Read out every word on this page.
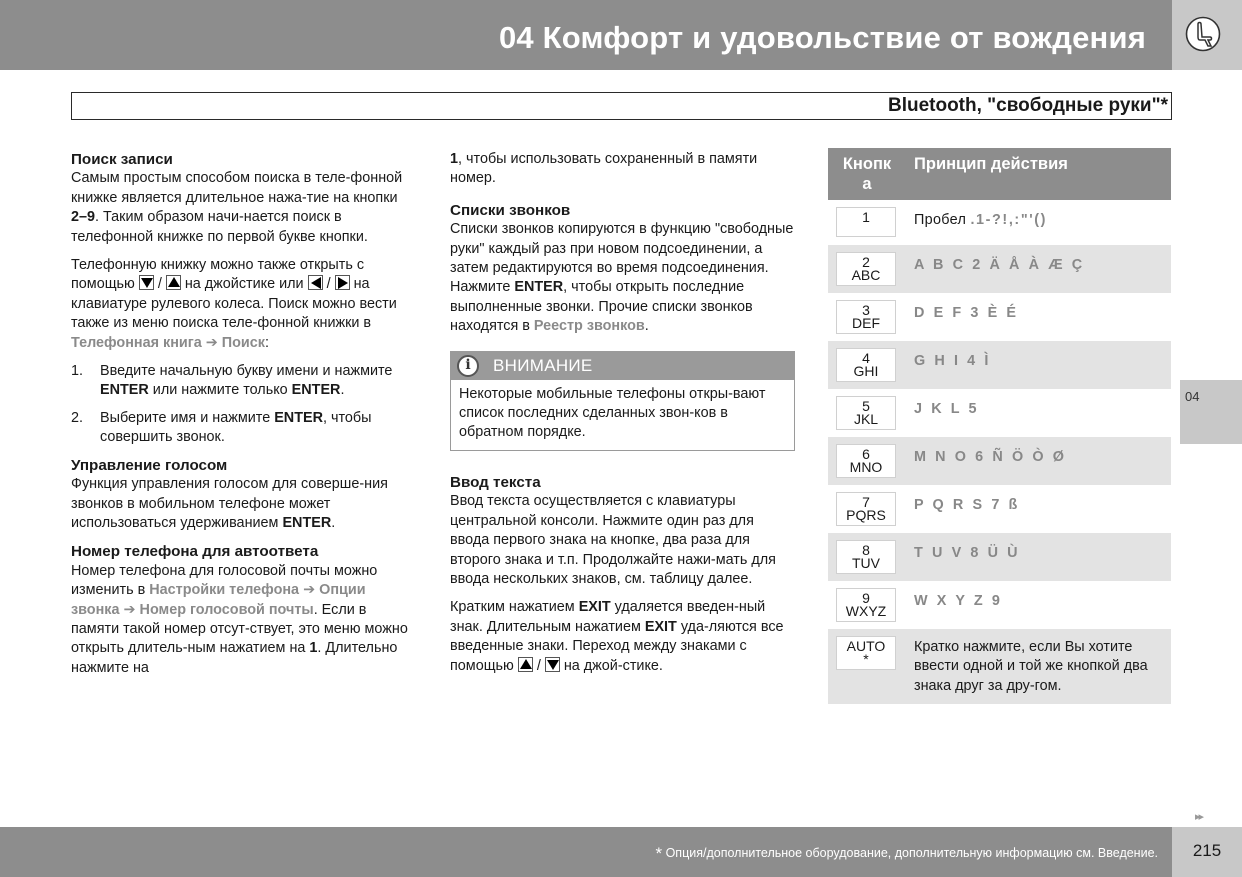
04 Комфорт и удовольствие от вождения
Bluetooth, "свободные руки"*
04
Поиск записи
Самым простым способом поиска в теле-фонной книжке является длительное нажа-тие на кнопки 2–9. Таким образом начи-нается поиск в телефонной книжке по первой букве кнопки.
Телефонную книжку можно также открыть с помощью
/
на джойстике или
/
на клавиатуре рулевого колеса. Поиск можно вести также из меню поиска теле-фонной книжки в Телефонная книга ➔ Поиск:
1.	Введите начальную букву имени и нажмите ENTER или нажмите только ENTER.
2.	Выберите имя и нажмите ENTER, чтобы совершить звонок.
Управление голосом
Функция управления голосом для соверше-ния звонков в мобильном телефоне может использоваться удерживанием ENTER.
Номер телефона для автоответа
Номер телефона для голосовой почты можно изменить в Настройки телефона ➔ Опции звонка ➔ Номер голосовой почты. Если в памяти такой номер отсут-ствует, это меню можно открыть длитель-ным нажатием на 1. Длительно нажмите на
1, чтобы использовать сохраненный в памяти номер.
Списки звонков
Списки звонков копируются в функцию "свободные руки" каждый раз при новом подсоединении, а затем редактируются во время подсоединения. Нажмите ENTER, чтобы открыть последние выполненные звонки. Прочие списки звонков находятся в Реестр звонков.
i	ВНИМАНИЕ
Некоторые мобильные телефоны откры-вают список последних сделанных звон-ков в обратном порядке.
Ввод текста
Ввод текста осуществляется с клавиатуры центральной консоли. Нажмите один раз для ввода первого знака на кнопке, два раза для второго знака и т.п. Продолжайте нажи-мать для ввода нескольких знаков, см. таблицу далее.
Кратким нажатием EXIT удаляется введен-ный знак. Длительным нажатием EXIT уда-ляются все введенные знаки. Переход между знаками с помощью
/
на джой-стике.
Кнопк а	Принцип действия

1	Пробел .1-?!,:"'()

2
ABC	A B C 2 Ä Å À Æ Ç

3
DEF	D E F 3 È É

4
GHI	G H I 4 Ì

5
JKL	J K L 5

6
MNO	M N O 6 Ñ Ö Ò Ø

7
PQRS	P Q R S 7 ß

8
TUV	T U V 8 Ü Ù

9
WXYZ	W X Y Z 9

AUTO
*	Кратко нажмите, если Вы хотите ввести одной и той же кнопкой два знака друг за дру-гом.
▸▸
* Опция/дополнительное оборудование, дополнительную информацию см. Введение.	215
